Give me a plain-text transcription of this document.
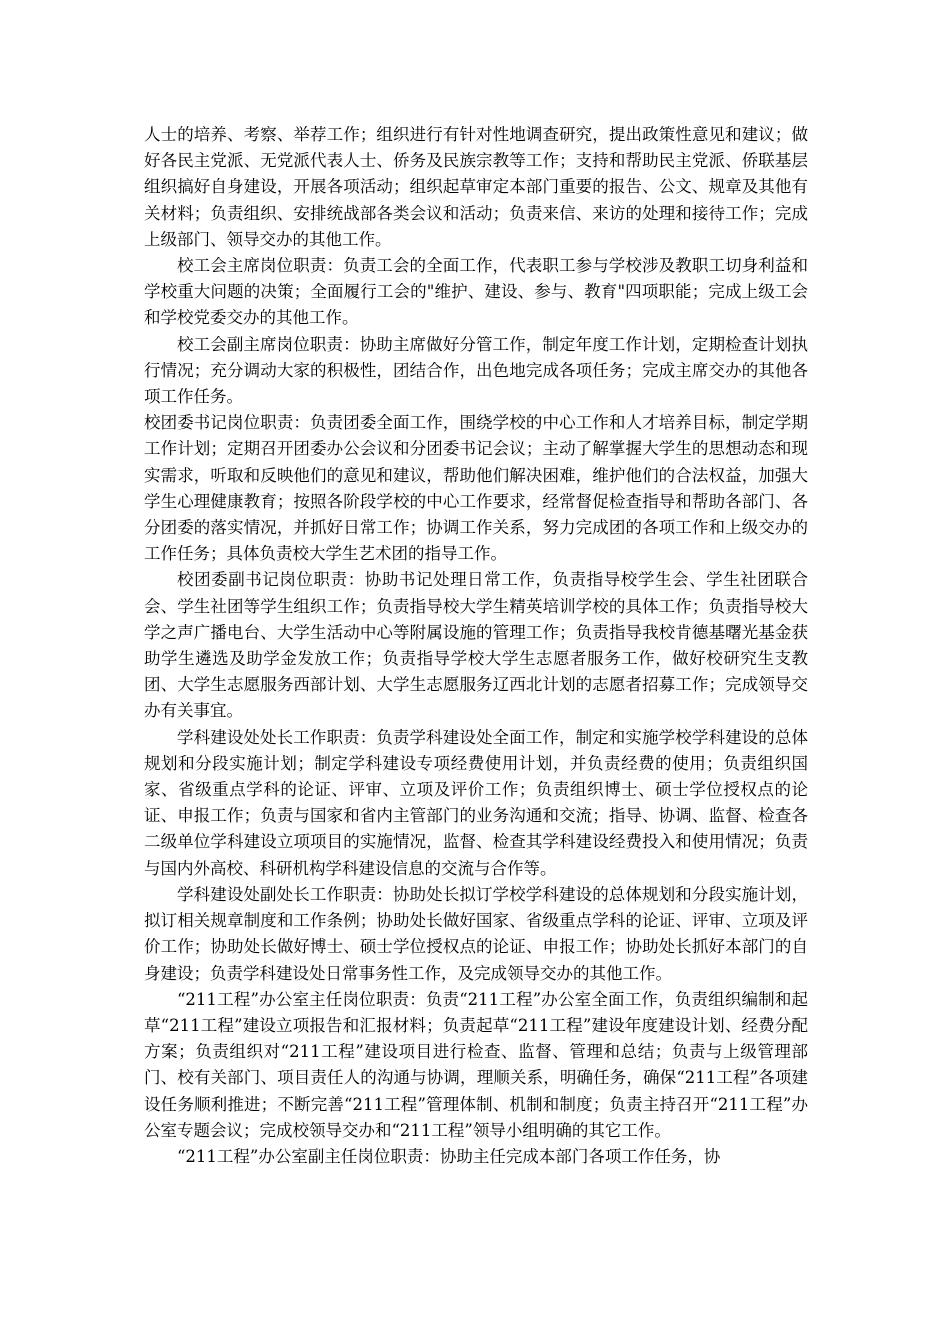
人士的培养、考察、举荐工作；组织进行有针对性地调查研究，提出政策性意见和建议；做好各民主党派、无党派代表人士、侨务及民族宗教等工作；支持和帮助民主党派、侨联基层组织搞好自身建设，开展各项活动；组织起草审定本部门重要的报告、公文、规章及其他有关材料；负责组织、安排统战部各类会议和活动；负责来信、来访的处理和接待工作；完成上级部门、领导交办的其他工作。

校工会主席岗位职责：负责工会的全面工作，代表职工参与学校涉及教职工切身利益和学校重大问题的决策；全面履行工会的"维护、建设、参与、教育"四项职能；完成上级工会和学校党委交办的其他工作。

校工会副主席岗位职责：协助主席做好分管工作，制定年度工作计划，定期检查计划执行情况；充分调动大家的积极性，团结合作，出色地完成各项任务；完成主席交办的其他各项工作任务。

校团委书记岗位职责：负责团委全面工作，围绕学校的中心工作和人才培养目标，制定学期工作计划；定期召开团委办公会议和分团委书记会议；主动了解掌握大学生的思想动态和现实需求，听取和反映他们的意见和建议，帮助他们解决困难，维护他们的合法权益，加强大学生心理健康教育；按照各阶段学校的中心工作要求，经常督促检查指导和帮助各部门、各分团委的落实情况，并抓好日常工作；协调工作关系，努力完成团的各项工作和上级交办的工作任务；具体负责校大学生艺术团的指导工作。

校团委副书记岗位职责：协助书记处理日常工作，负责指导校学生会、学生社团联合会、学生社团等学生组织工作；负责指导校大学生精英培训学校的具体工作；负责指导校大学之声广播电台、大学生活动中心等附属设施的管理工作；负责指导我校肯德基曙光基金获助学生遴选及助学金发放工作；负责指导学校大学生志愿者服务工作，做好校研究生支教团、大学生志愿服务西部计划、大学生志愿服务辽西北计划的志愿者招募工作；完成领导交办有关事宜。

学科建设处处长工作职责：负责学科建设处全面工作，制定和实施学校学科建设的总体规划和分段实施计划；制定学科建设专项经费使用计划，并负责经费的使用；负责组织国家、省级重点学科的论证、评审、立项及评价工作；负责组织博士、硕士学位授权点的论证、申报工作；负责与国家和省内主管部门的业务沟通和交流；指导、协调、监督、检查各二级单位学科建设立项项目的实施情况，监督、检查其学科建设经费投入和使用情况；负责与国内外高校、科研机构学科建设信息的交流与合作等。

学科建设处副处长工作职责：协助处长拟订学校学科建设的总体规划和分段实施计划，拟订相关规章制度和工作条例；协助处长做好国家、省级重点学科的论证、评审、立项及评价工作；协助处长做好博士、硕士学位授权点的论证、申报工作；协助处长抓好本部门的自身建设；负责学科建设处日常事务性工作，及完成领导交办的其他工作。

“211工程”办公室主任岗位职责：负责“211工程”办公室全面工作，负责组织编制和起草“211工程”建设立项报告和汇报材料；负责起草“211工程”建设年度建设计划、经费分配方案；负责组织对“211工程”建设项目进行检查、监督、管理和总结；负责与上级管理部门、校有关部门、项目责任人的沟通与协调，理顺关系，明确任务，确保“211工程”各项建设任务顺利推进；不断完善“211工程”管理体制、机制和制度；负责主持召开“211工程”办公室专题会议；完成校领导交办和“211工程”领导小组明确的其它工作。

“211工程”办公室副主任岗位职责：协助主任完成本部门各项工作任务，协
